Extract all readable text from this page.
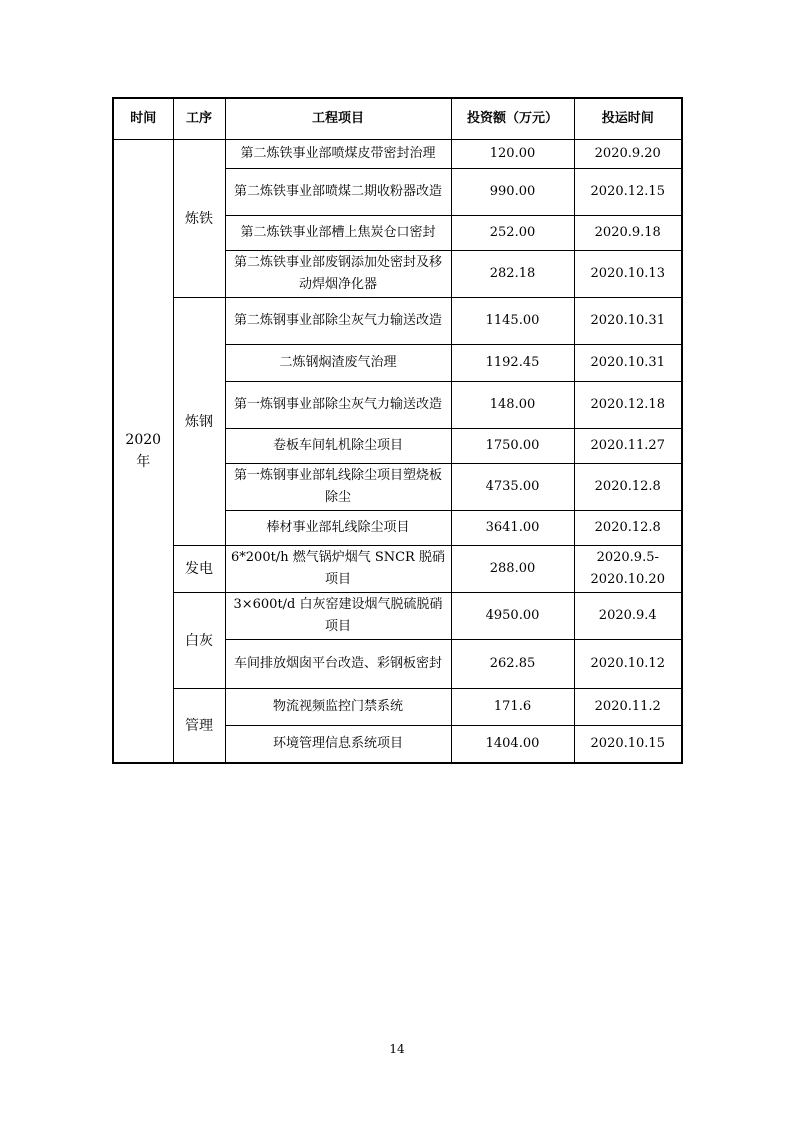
时间	工序	工程项目	投资额（万元）	投运时间
2020 年	炼铁	第二炼铁事业部喷煤皮带密封治理	120.00	2020.9.20
		第二炼铁事业部喷煤二期收粉器改造	990.00	2020.12.15
		第二炼铁事业部槽上焦炭仓口密封	252.00	2020.9.18
		第二炼铁事业部废钢添加处密封及移动焊烟净化器	282.18	2020.10.13
	炼钢	第二炼钢事业部除尘灰气力输送改造	1145.00	2020.10.31
		二炼钢焖渣废气治理	1192.45	2020.10.31
		第一炼钢事业部除尘灰气力输送改造	148.00	2020.12.18
		卷板车间轧机除尘项目	1750.00	2020.11.27
		第一炼钢事业部轧线除尘项目塑烧板除尘	4735.00	2020.12.8
		棒材事业部轧线除尘项目	3641.00	2020.12.8
	发电	6*200t/h 燃气锅炉烟气 SNCR 脱硝项目	288.00	2020.9.5-2020.10.20
	白灰	3×600t/d 白灰窑建设烟气脱硫脱硝项目	4950.00	2020.9.4
		车间排放烟囱平台改造、彩钢板密封	262.85	2020.10.12
	管理	物流视频监控门禁系统	171.6	2020.11.2
		环境管理信息系统项目	1404.00	2020.10.15
14
